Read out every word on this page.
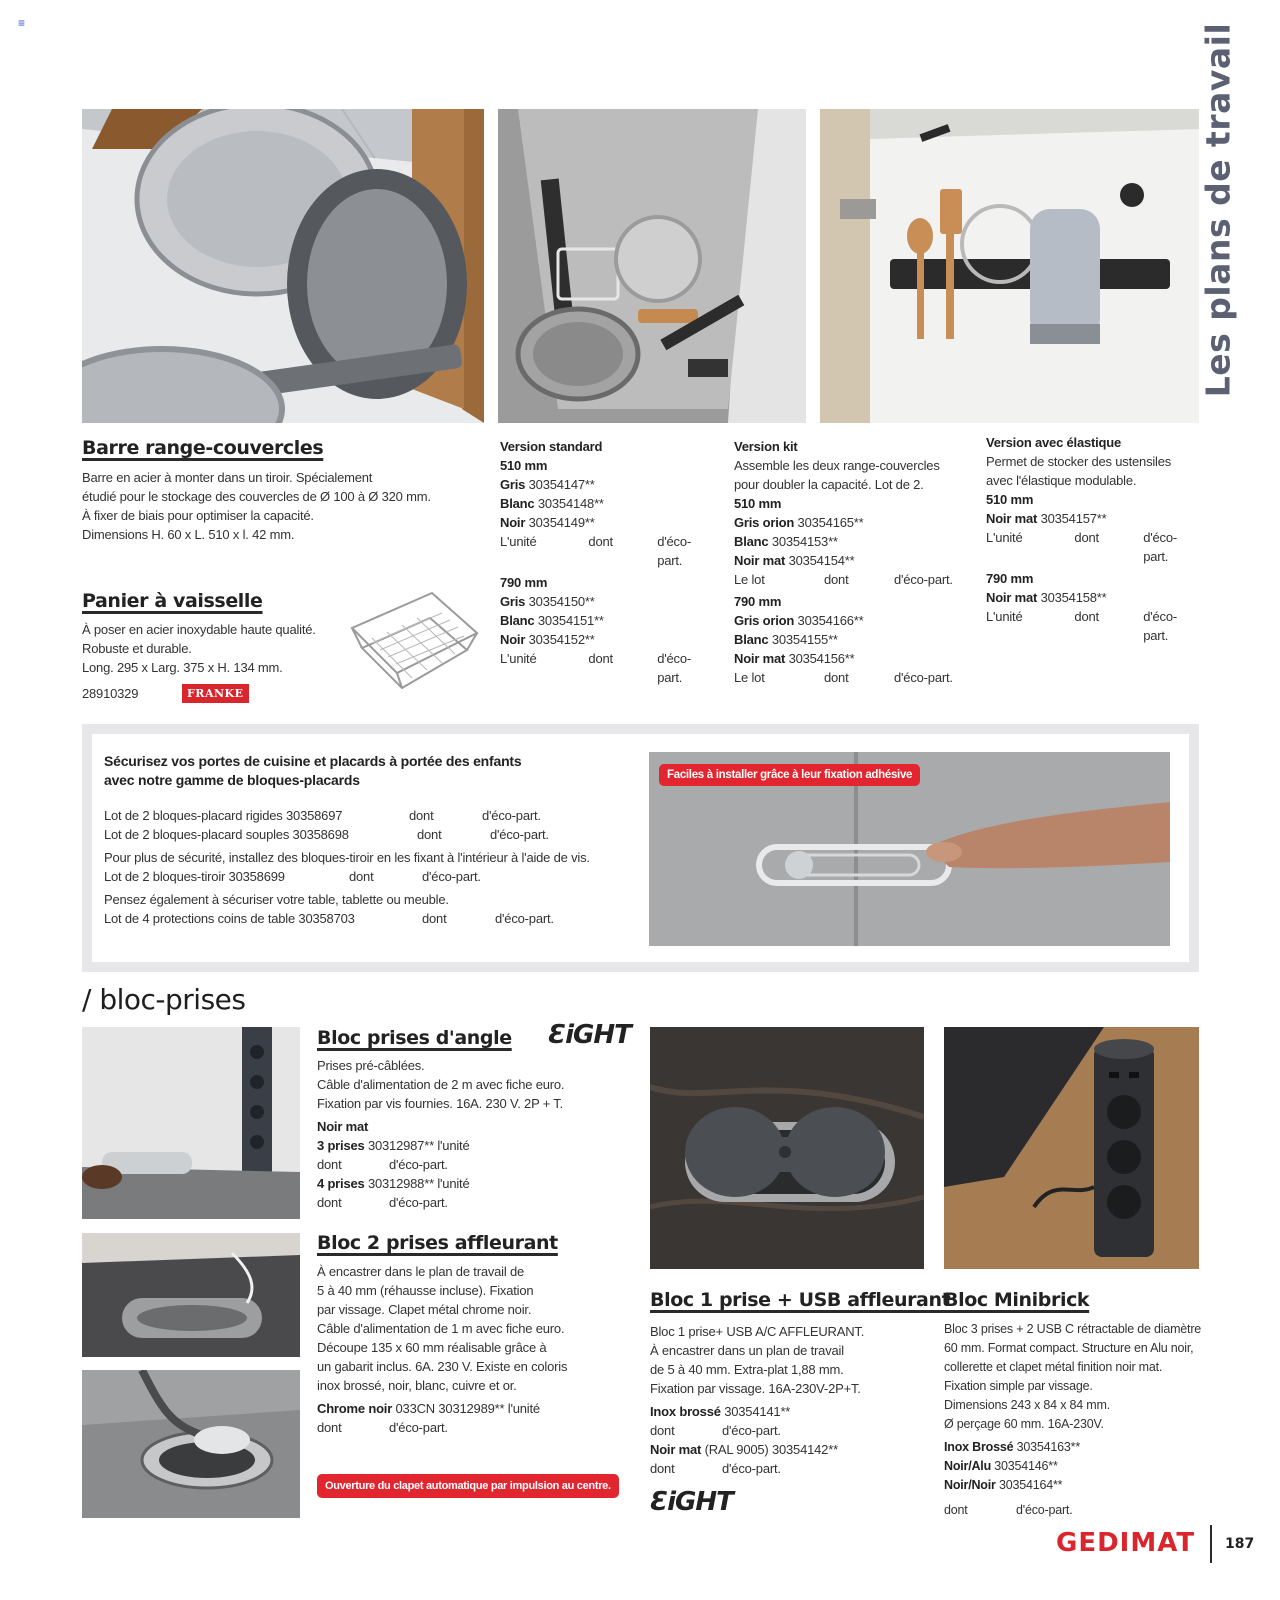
≡	Les plans de travail
Barre range-couvercles
Barre en acier à monter dans un tiroir. Spécialement
étudié pour le stockage des couvercles de Ø 100 à Ø 320 mm.
À fixer de biais pour optimiser la capacité.
Dimensions H. 60 x L. 510 x l. 42 mm.
Panier à vaisselle
À poser en acier inoxydable haute qualité.
Robuste et durable.
Long. 295 x Larg. 375 x H. 134 mm.
28910329	FRANKE
Version standard
510 mm
Gris 30354147**
Blanc 30354148**
Noir 30354149**
L'unité	dont	d'éco-part.
790 mm
Gris 30354150**
Blanc 30354151**
Noir 30354152**
L'unité	dont	d'éco-part.
Version kit
Assemble les deux range-couvercles
pour doubler la capacité. Lot de 2.
510 mm
Gris orion 30354165**
Blanc 30354153**
Noir mat 30354154**
Le lot	dont	d'éco-part.
790 mm
Gris orion 30354166**
Blanc 30354155**
Noir mat 30354156**
Le lot	dont	d'éco-part.
Version avec élastique
Permet de stocker des ustensiles
avec l'élastique modulable.
510 mm
Noir mat 30354157**
L'unité	dont	d'éco-part.
790 mm
Noir mat 30354158**
L'unité	dont	d'éco-part.
Sécurisez vos portes de cuisine et placards à portée des enfants
avec notre gamme de bloques-placards
Lot de 2 bloques-placard rigides 30358697	dont	d'éco-part.
Lot de 2 bloques-placard souples 30358698	dont	d'éco-part.
Pour plus de sécurité, installez des bloques-tiroir en les fixant à l'intérieur à l'aide de vis.
Lot de 2 bloques-tiroir 30358699	dont	d'éco-part.
Pensez également à sécuriser votre table, tablette ou meuble.
Lot de 4 protections coins de table 30358703	dont	d'éco-part.
Faciles à installer grâce à leur fixation adhésive
/ bloc-prises
Bloc prises d'angle ƐiGHT
Prises pré-câblées.
Câble d'alimentation de 2 m avec fiche euro.
Fixation par vis fournies. 16A. 230 V. 2P + T.
Noir mat
3 prises 30312987** l'unité
dont	d'éco-part.
4 prises 30312988** l'unité
dont	d'éco-part.
Bloc 2 prises affleurant
À encastrer dans le plan de travail de
5 à 40 mm (réhausse incluse). Fixation
par vissage. Clapet métal chrome noir.
Câble d'alimentation de 1 m avec fiche euro.
Découpe 135 x 60 mm réalisable grâce à
un gabarit inclus. 6A. 230 V. Existe en coloris
inox brossé, noir, blanc, cuivre et or.
Chrome noir 033CN 30312989** l'unité
dont	d'éco-part.
Ouverture du clapet automatique par impulsion au centre.
Bloc 1 prise + USB affleurant
Bloc 1 prise+ USB A/C AFFLEURANT.
À encastrer dans un plan de travail
de 5 à 40 mm. Extra-plat 1,88 mm.
Fixation par vissage. 16A-230V-2P+T.
Inox brossé 30354141**
dont	d'éco-part.
Noir mat (RAL 9005) 30354142**
dont	d'éco-part.
ƐiGHT
Bloc Minibrick
Bloc 3 prises + 2 USB C rétractable de diamètre
60 mm. Format compact. Structure en Alu noir,
collerette et clapet métal finition noir mat.
Fixation simple par vissage.
Dimensions 243 x 84 x 84 mm.
Ø perçage 60 mm. 16A-230V.
Inox Brossé 30354163**
Noir/Alu 30354146**
Noir/Noir 30354164**
dont	d'éco-part.
GEDIMAT 187
